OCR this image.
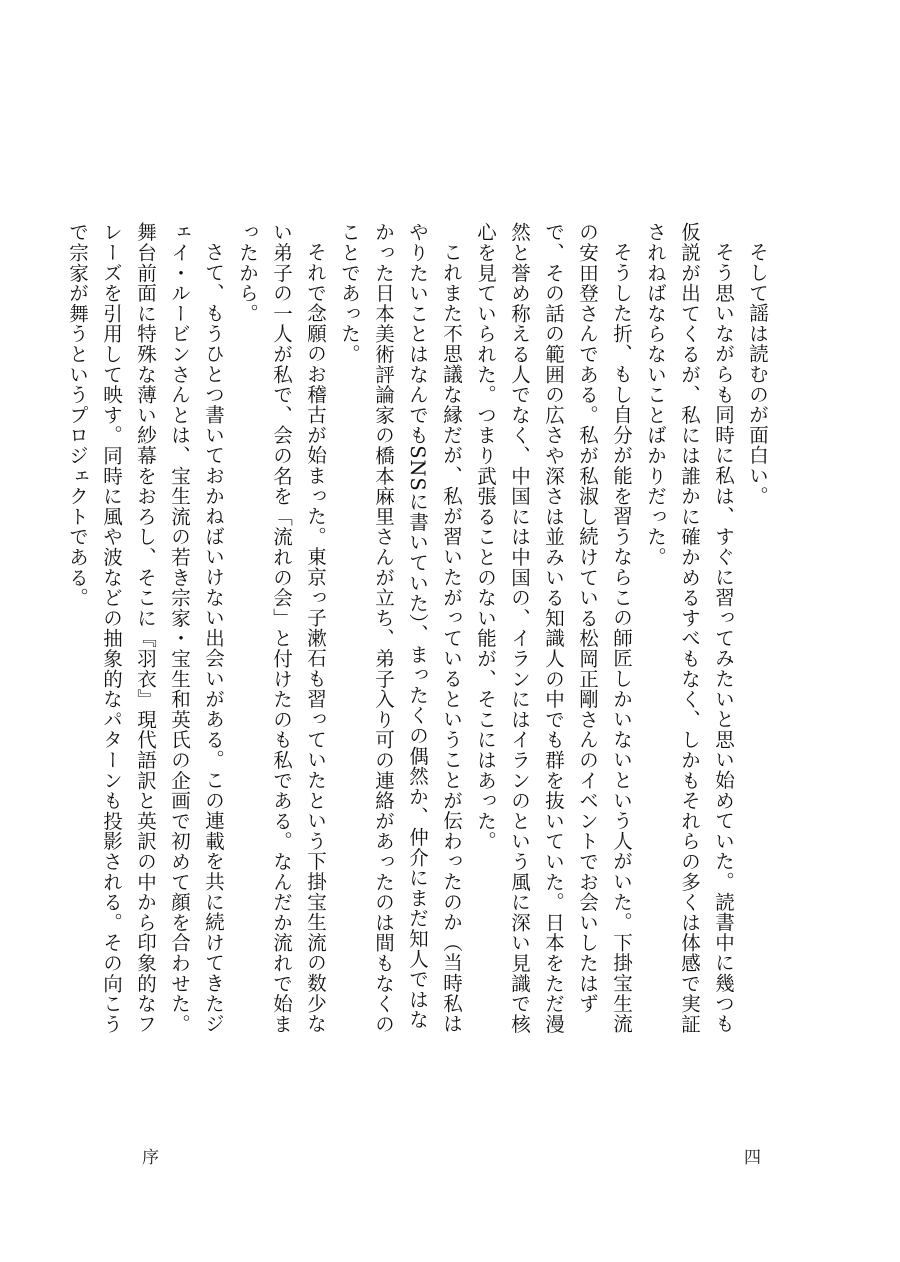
そして謡は読むのが面白い。

そう思いながらも同時に私は、すぐに習ってみたいと思い始めていた。読書中に幾つも仮説が出てくるが、私には誰かに確かめるすべもなく、しかもそれらの多くは体感で実証されねばならないことばかりだった。

そうした折、もし自分が能を習うならこの師匠しかいないという人がいた。下掛宝生流の安田登さんである。私が私淑し続けている松岡正剛さんのイベントでお会いしたはずで、その話の範囲の広さや深さは並みいる知識人の中でも群を抜いていた。日本をただ漫然と誉め称える人でなく、中国には中国の、イランにはイランのという風に深い見識で核心を見ていられた。つまり武張ることのない能が、そこにはあった。

これまた不思議な縁だが、私が習いたがっているということが伝わったのか（当時私はやりたいことはなんでもSNSに書いていた）、まったくの偶然か、仲介にまだ知人ではなかった日本美術評論家の橋本麻里さんが立ち、弟子入り可の連絡があったのは間もなくのことであった。

それで念願のお稽古が始まった。東京っ子漱石も習っていたという下掛宝生流の数少ない弟子の一人が私で、会の名を「流れの会」と付けたのも私である。なんだか流れで始まったから。

さて、もうひとつ書いておかねばいけない出会いがある。この連載を共に続けてきたジェイ・ルービンさんとは、宝生流の若き宗家・宝生和英氏の企画で初めて顔を合わせた。舞台前面に特殊な薄い紗幕をおろし、そこに『羽衣』現代語訳と英訳の中から印象的なフレーズを引用して映す。同時に風や波などの抽象的なパターンも投影される。その向こうで宗家が舞うというプロジェクトである。

序	四
